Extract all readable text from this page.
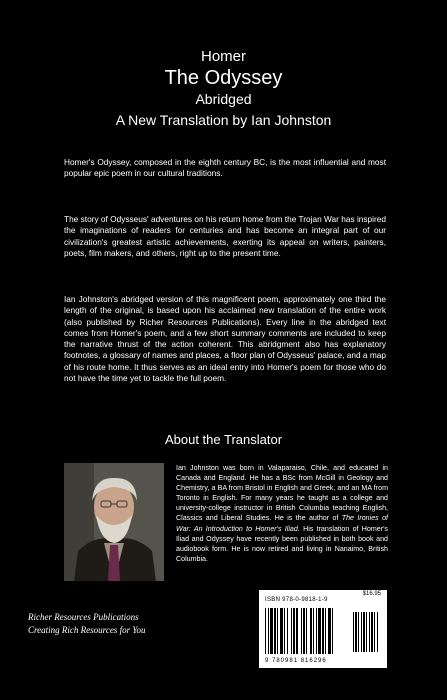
Homer
The Odyssey
Abridged
A New Translation by Ian Johnston
Homer's Odyssey, composed in the eighth century BC, is the most influential and most popular epic poem in our cultural traditions.
The story of Odysseus' adventures on his return home from the Trojan War has inspired the imaginations of readers for centuries and has become an integral part of our civilization's greatest artistic achievements, exerting its appeal on writers, painters, poets, film makers, and others, right up to the present time.
Ian Johnston's abridged version of this magnificent poem, approximately one third the length of the original, is based upon his acclaimed new translation of the entire work (also published by Richer Resources Publications). Every line in the abridged text comes from Homer's poem, and a few short summary comments are included to keep the narrative thrust of the action coherent. This abridgment also has explanatory footnotes, a glossary of names and places, a floor plan of Odysseus' palace, and a map of his route home. It thus serves as an ideal entry into Homer's poem for those who do not have the time yet to tackle the full poem.
About the Translator
Ian Johnston was born in Valaparaiso, Chile, and educated in Canada and England. He has a BSc from McGill in Geology and Chemistry, a BA from Bristol in English and Greek, and an MA from Toronto in English. For many years he taught as a college and university-college instructor in British Columbia teaching English, Classics and Liberal Studies. He is the author of The Ironies of War: An Introduction to Homer's Iliad. His translation of Homer's Iliad and Odyssey have recently been published in both book and audiobook form. He is now retired and living in Nanaimo, British Columbia.
Richer Resources Publications
Creating Rich Resources for You
$16.95
ISBN 978-0-9818-1-9
9 780981 816296
